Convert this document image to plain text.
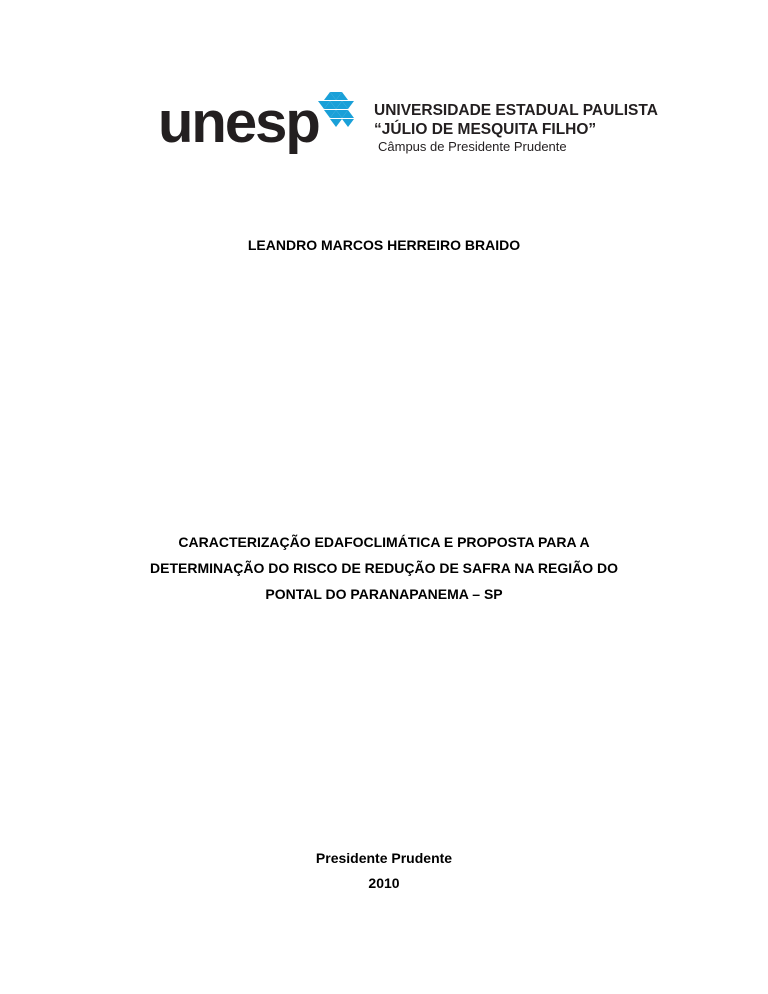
unesp	UNIVERSIDADE ESTADUAL PAULISTA
“JÚLIO DE MESQUITA FILHO”
Câmpus de Presidente Prudente
LEANDRO MARCOS HERREIRO BRAIDO
CARACTERIZAÇÃO EDAFOCLIMÁTICA E PROPOSTA PARA A
DETERMINAÇÃO DO RISCO DE REDUÇÃO DE SAFRA NA REGIÃO DO
PONTAL DO PARANAPANEMA – SP
Presidente Prudente
2010
